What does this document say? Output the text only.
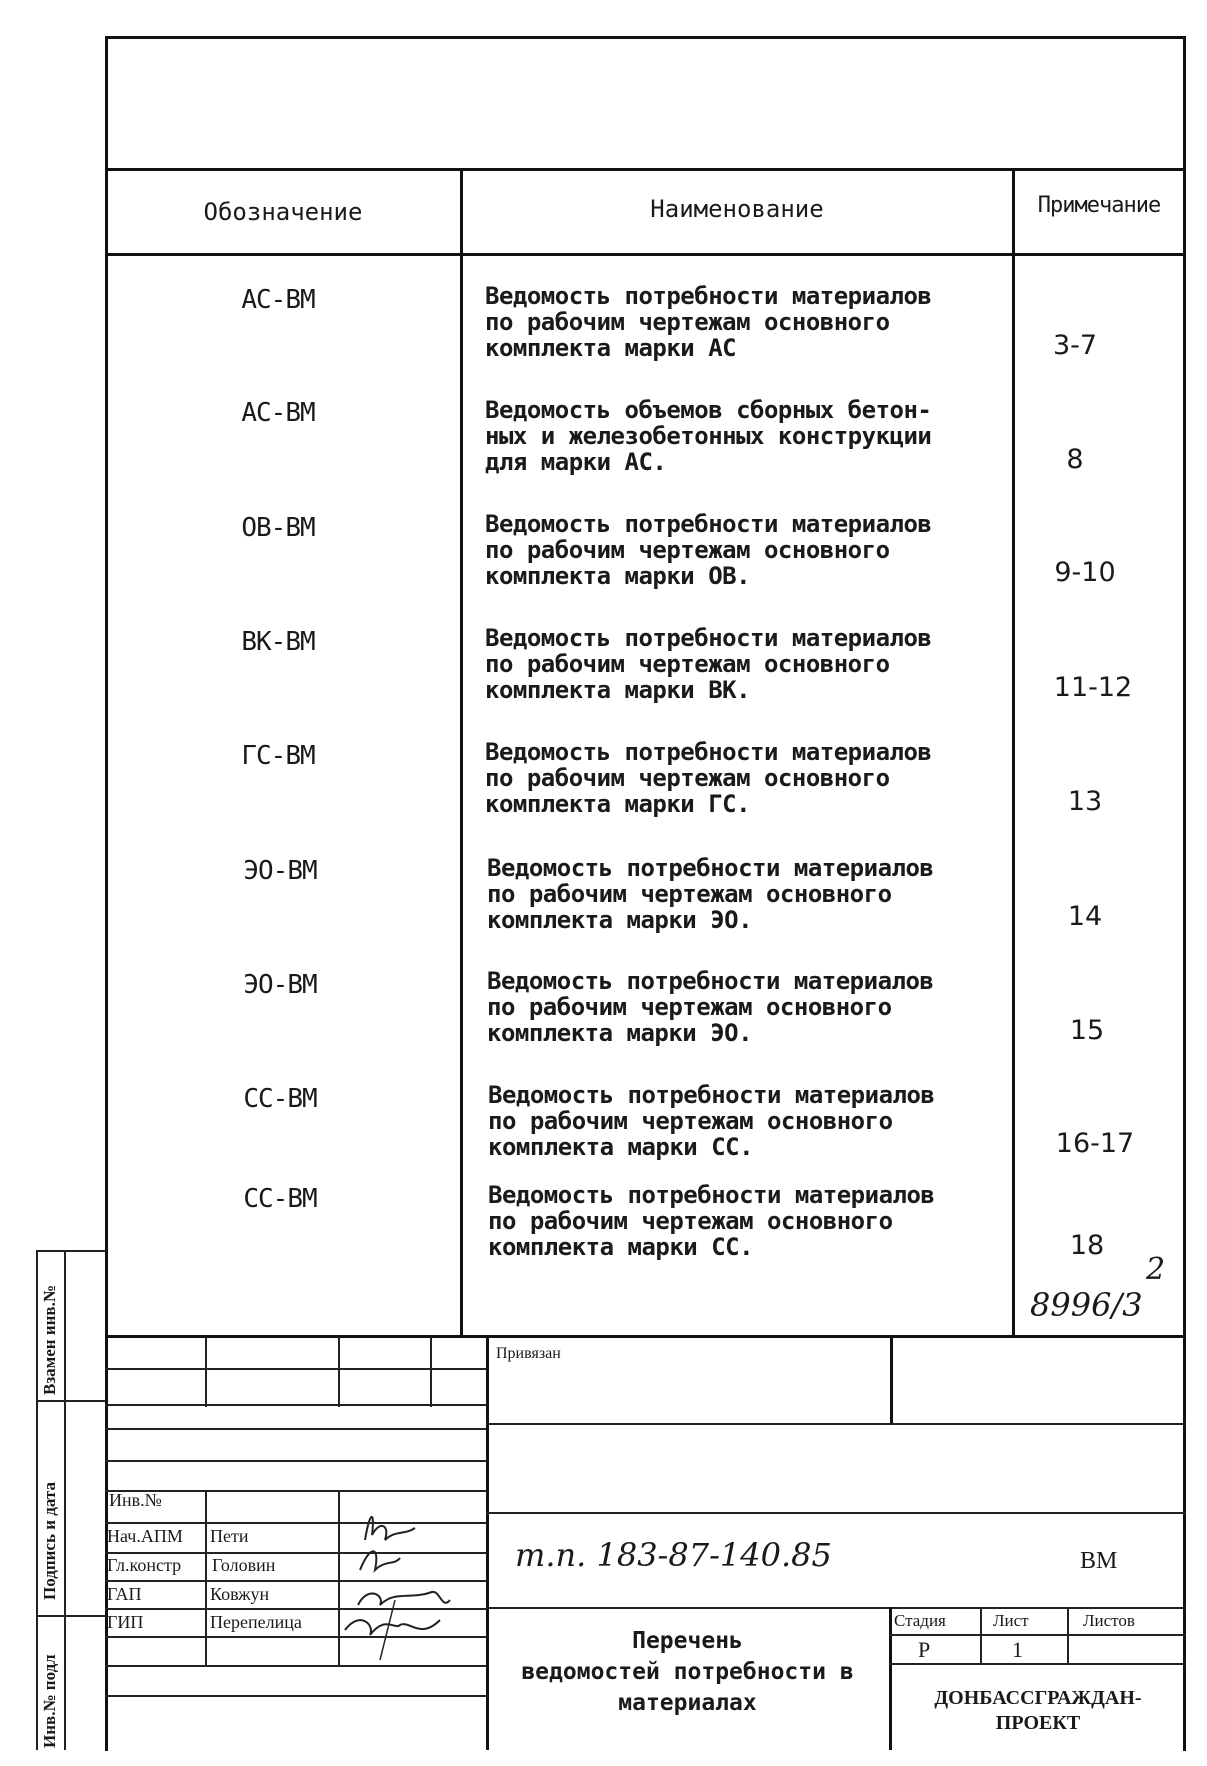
Взамен инв.№
Подпись и дата
Инв.№ подл
Обозначение	Наименование	Примечание
АС-ВМ	Ведомость потребности материалов
по рабочим чертежам основного
комплекта марки АС	3-7
АС-ВМ	Ведомость объемов сборных бетон-
ных и железобетонных конструкции
для марки АС.	8
ОВ-ВМ	Ведомость потребности материалов
по рабочим чертежам основного
комплекта марки ОВ.	9-10
ВК-ВМ	Ведомость потребности материалов
по рабочим чертежам основного
комплекта марки ВК.	11-12
ГС-ВМ	Ведомость потребности материалов
по рабочим чертежам основного
комплекта марки ГС.	13
ЭО-ВМ	Ведомость потребности материалов
по рабочим чертежам основного
комплекта марки ЭО.	14
ЭО-ВМ	Ведомость потребности материалов
по рабочим чертежам основного
комплекта марки ЭО.	15
СС-ВМ	Ведомость потребности материалов
по рабочим чертежам основного
комплекта марки СС.	16-17
СС-ВМ	Ведомость потребности материалов
по рабочим чертежам основного
комплекта марки СС.	18
2
8996/3
Привязан
Инв.№
Нач.АПМ Пети
Гл.констр Головин
ГАП	Ковжун
ГИП	Перепелица
т.п. 183-87-140.85	ВМ
Перечень
ведомостей потребности в
материалах
Стадия	Лист	Листов
Р	1
ДОНБАССГРАЖДАН-
ПРОЕКТ
